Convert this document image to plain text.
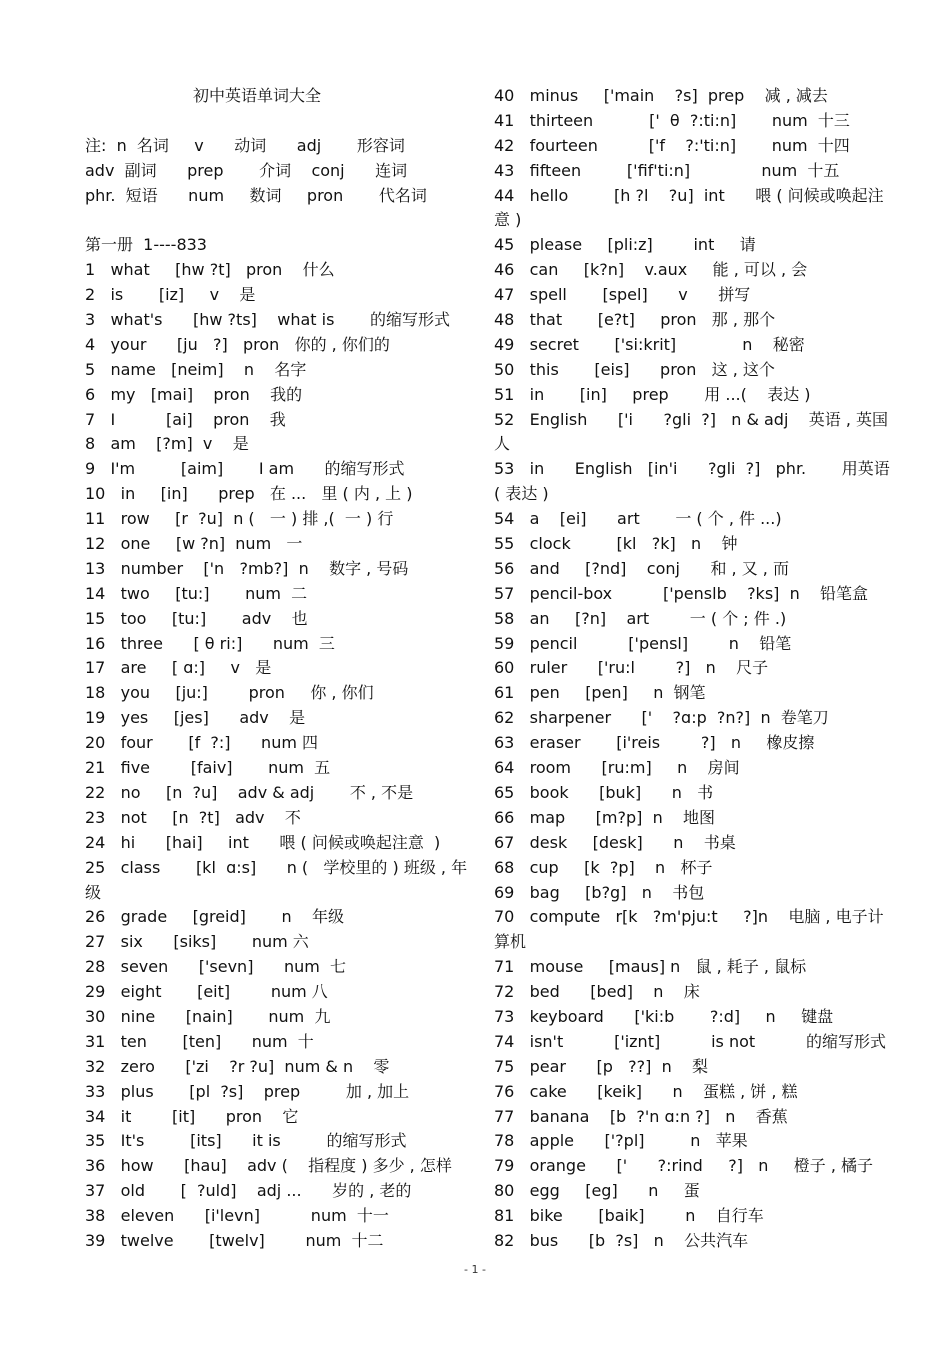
初中英语单词大全
注:  n  名词     v      动词      adj       形容词
adv  副词      prep       介词    conj      连词
phr.  短语      num     数词     pron       代名词
第一册  1----833
1   what     [hw ?t]   pron    什么
2   is       [iz]     v    是
3   what's      [hw ?ts]    what is       的缩写形式
4   your      [ju   ?]   pron   你的 , 你们的
5   name   [neim]    n    名字
6   my   [mai]    pron    我的
7   I          [ai]    pron    我
8   am    [?m]  v    是
9   I'm         [aim]       I am      的缩写形式
10   in     [in]      prep   在 ...   里 ( 内 , 上 )
11   row     [r  ?u]  n (   一 ) 排 ,(  一 ) 行
12   one     [w ?n]  num   一
13   number    ['n   ?mb?]  n    数字 , 号码
14   two     [tu:]       num  二
15   too     [tu:]       adv    也
16   three      [ θ ri:]      num  三
17   are     [ ɑ:]     v   是
18   you     [ju:]        pron     你 , 你们
19   yes     [jes]      adv    是
20   four       [f  ?:]      num 四
21   five        [faiv]       num  五
22   no     [n  ?u]    adv & adj       不 , 不是
23   not     [n  ?t]   adv    不
24   hi      [hai]     int      喂 ( 问候或唤起注意  )
25   class       [kl  ɑ:s]      n (   学校里的 ) 班级 , 年
级
26   grade     [greid]       n    年级
27   six      [siks]       num 六
28   seven      ['sevn]      num  七
29   eight       [eit]        num 八
30   nine      [nain]       num  九
31   ten       [ten]      num  十
32   zero      ['zi    ?r ?u]  num & n    零
33   plus       [pl  ?s]    prep         加 , 加上
34   it        [it]      pron    它
35   It's         [its]      it is         的缩写形式
36   how      [hau]    adv (    指程度 ) 多少 , 怎样
37   old       [  ?uld]    adj ...      岁的 , 老的
38   eleven      [i'levn]          num  十一
39   twelve       [twelv]        num  十二
40   minus     ['main    ?s]  prep    减 , 减去
41   thirteen           ['  θ  ?:ti:n]       num  十三
42   fourteen          ['f    ?:'ti:n]       num  十四
43   fifteen         ['fif'ti:n]              num  十五
44   hello         [h ?l    ?u]  int      喂 ( 问候或唤起注
意 )
45   please     [pli:z]        int     请
46   can     [k?n]    v.aux     能 , 可以 , 会
47   spell       [spel]      v      拼写
48   that       [e?t]     pron   那 , 那个
49   secret       ['si:krit]             n    秘密
50   this       [eis]      pron   这 , 这个
51   in       [in]     prep       用 ...(    表达 )
52   English      ['i      ?gli  ?]   n & adj    英语 , 英国
人
53   in      English   [in'i      ?gli  ?]   phr.       用英语
( 表达 )
54   a    [ei]      art       一 ( 个 , 件 ...)
55   clock         [kl   ?k]   n    钟
56   and     [?nd]    conj      和 , 又 , 而
57   pencil-box          ['penslb    ?ks]  n    铅笔盒
58   an     [?n]    art        一 ( 个 ; 件 .)
59   pencil          ['pensl]        n    铅笔
60   ruler      ['ru:l        ?]   n    尺子
61   pen     [pen]     n  钢笔
62   sharpener      ['    ?ɑ:p  ?n?]  n  卷笔刀
63   eraser       [i'reis        ?]   n     橡皮擦
64   room      [ru:m]     n    房间
65   book      [buk]      n   书
66   map      [m?p]  n    地图
67   desk     [desk]      n    书桌
68   cup     [k  ?p]    n   杯子
69   bag     [b?g]   n    书包
70   compute   r[k   ?m'pju:t     ?]n    电脑 , 电子计
算机
71   mouse     [maus] n   鼠 , 耗子 , 鼠标
72   bed      [bed]    n    床
73   keyboard      ['ki:b       ?:d]     n     键盘
74   isn't          ['iznt]          is not          的缩写形式
75   pear      [p   ??]  n    梨
76   cake      [keik]      n    蛋糕 , 饼 , 糕
77   banana    [b  ?'n ɑ:n ?]   n    香蕉
78   apple      ['?pl]         n   苹果
79   orange      ['      ?:rind     ?]   n     橙子 , 橘子
80   egg     [eg]      n     蛋
81   bike       [baik]        n    自行车
82   bus      [b  ?s]   n    公共汽车
- 1 -
